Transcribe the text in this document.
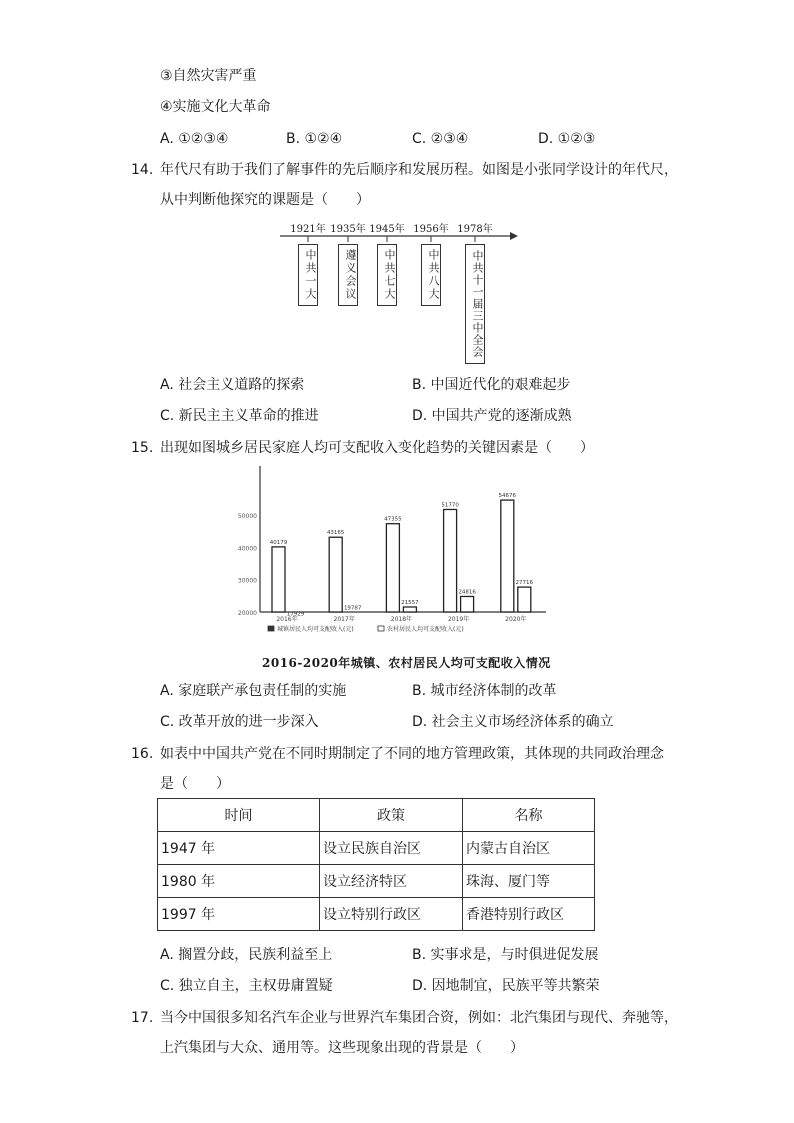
③自然灾害严重
④实施文化大革命
A. ①②③④	B. ①②④	C. ②③④	D. ①②③
14. 年代尺有助于我们了解事件的先后顺序和发展历程。如图是小张同学设计的年代尺，
从中判断他探究的课题是（　　）
1921年 1935年 1945年 1956年 1978年
中共一大	遵义会议	中共七大	中共八大	中共十一届三中全会
A. 社会主义道路的探索	B. 中国近代化的艰难起步
C. 新民主主义革命的推进	D. 中国共产党的逐渐成熟
15. 出现如图城乡居民家庭人均可支配收入变化趋势的关键因素是（　　）
20000
30000
40000
50000
40179
17929
2016年
43165
19787
2017年
47355
21557
2018年
51770
24816
2019年
54676
27716
2020年
城镇居民人均可支配收入(元)	农村居民人均可支配收入(元)
2016-2020年城镇、农村居民人均可支配收入情况
A. 家庭联产承包责任制的实施	B. 城市经济体制的改革
C. 改革开放的进一步深入	D. 社会主义市场经济体系的确立
16. 如表中中国共产党在不同时期制定了不同的地方管理政策，其体现的共同政治理念
是（　　）
时间	政策	名称
1947 年	设立民族自治区	内蒙古自治区
1980 年	设立经济特区	珠海、厦门等
1997 年	设立特别行政区	香港特别行政区
A. 搁置分歧，民族利益至上	B. 实事求是，与时俱进促发展
C. 独立自主，主权毋庸置疑	D. 因地制宜，民族平等共繁荣
17. 当今中国很多知名汽车企业与世界汽车集团合资，例如：北汽集团与现代、奔驰等，
上汽集团与大众、通用等。这些现象出现的背景是（　　）
